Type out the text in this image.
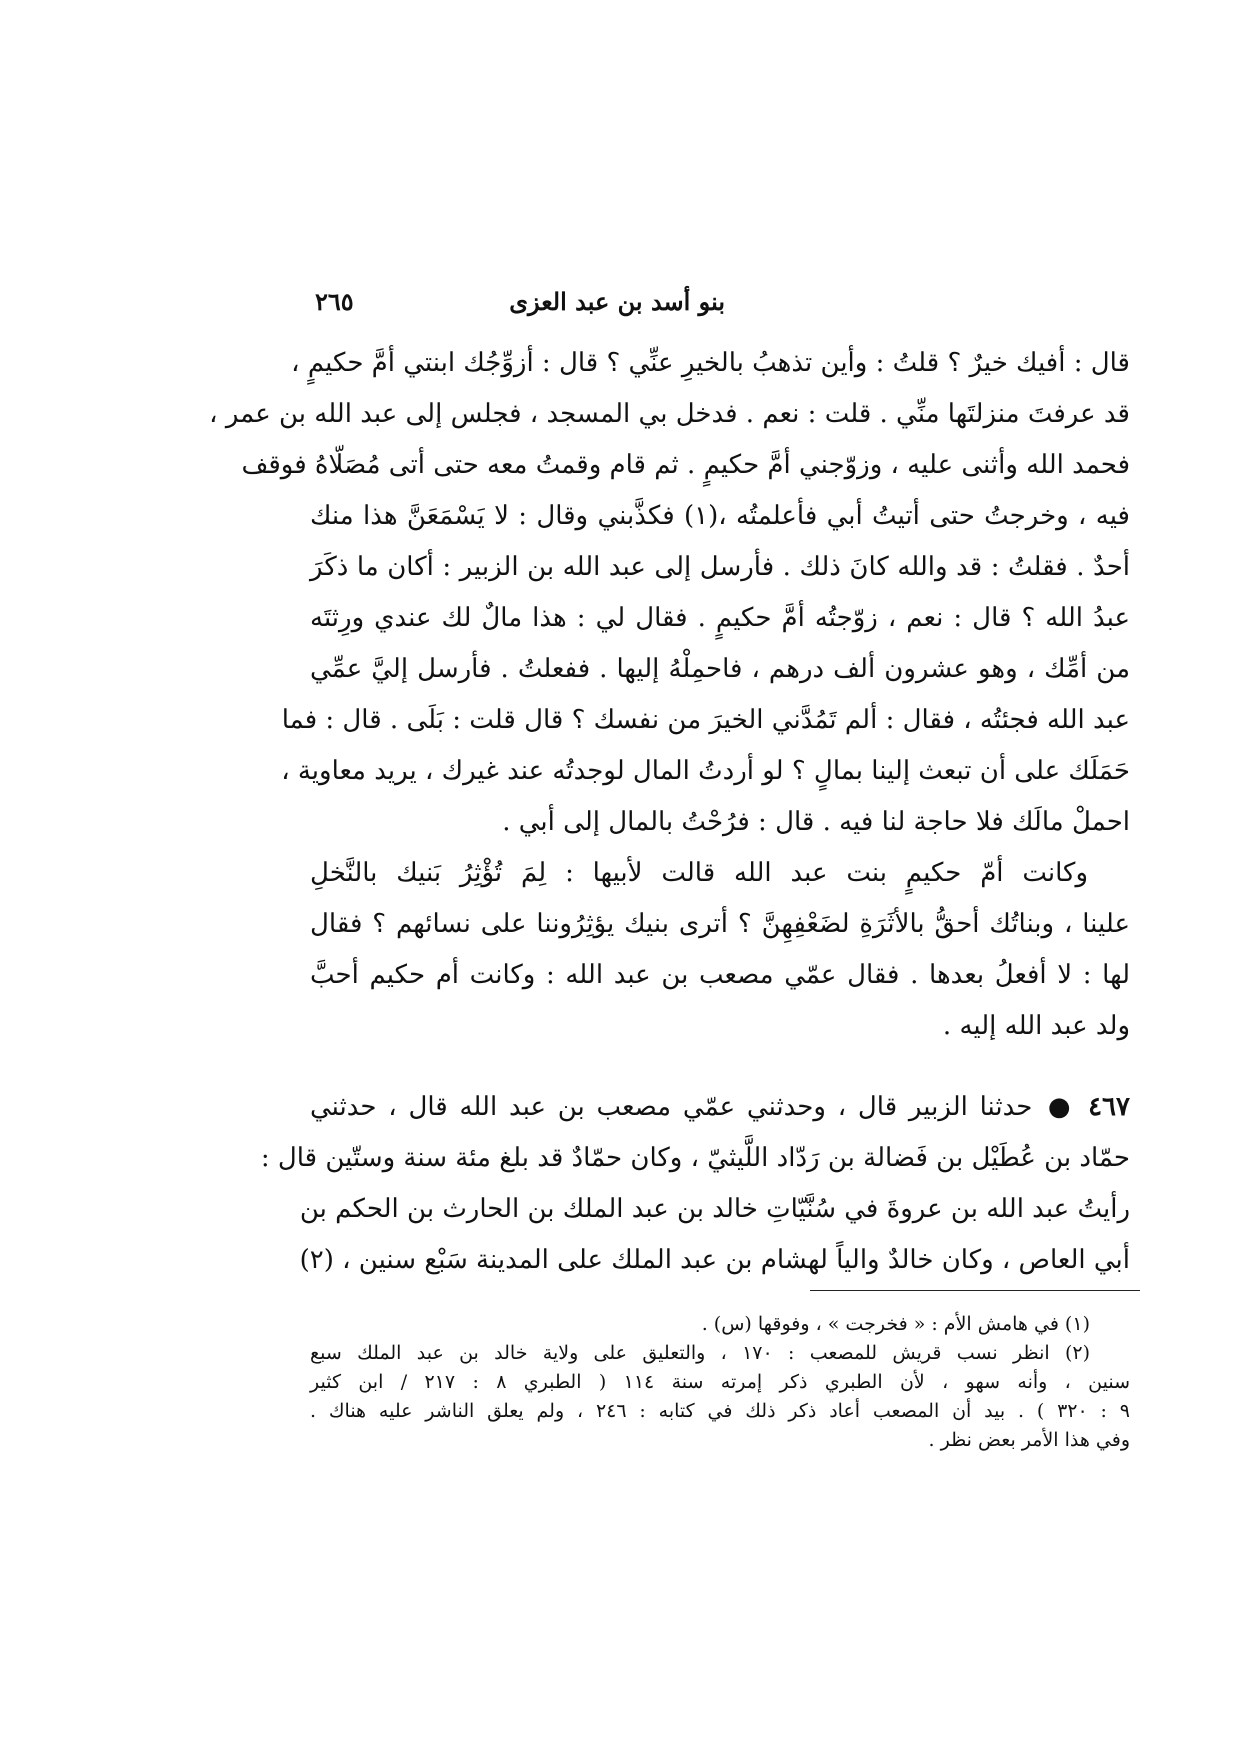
بنو أسد بن عبد العزى
٢٦٥
قال : أفيك خيرٌ ؟ قلتُ : وأين تذهبُ بالخيرِ عنِّي ؟ قال : أزوِّجُك ابنتي أمَّ حكيمٍ ،
قد عرفتَ منزلتَها منِّي . قلت : نعم . فدخل بي المسجد ، فجلس إلى عبد الله بن عمر ،
فحمد الله وأثنى عليه ، وزوّجني أمَّ حكيمٍ . ثم قام وقمتُ معه حتى أتى مُصَلّاهُ فوقف
فيه ، وخرجتُ حتى أتيتُ أبي فأعلمتُه ،(١) فكذَّبني وقال : لا يَسْمَعَنَّ هذا منك
أحدٌ . فقلتُ : قد والله كانَ ذلك . فأرسل إلى عبد الله بن الزبير : أكان ما ذكَرَ
عبدُ الله ؟ قال : نعم ، زوّجتُه أمَّ حكيمٍ . فقال لي : هذا مالٌ لك عندي ورِثتَه
من أمِّك ، وهو عشرون ألف درهم ، فاحمِلْهُ إليها . ففعلتُ . فأرسل إليَّ عمِّي
عبد الله فجئتُه ، فقال : ألم تَمُدَّني الخيرَ من نفسك ؟ قال قلت : بَلَى . قال : فما
حَمَلَك على أن تبعث إلينا بمالٍ ؟ لو أردتُ المال لوجدتُه عند غيرك ، يريد معاوية ،
احملْ مالَك فلا حاجة لنا فيه . قال : فرُحْتُ بالمال إلى أبي .
وكانت أمّ حكيمٍ بنت عبد الله قالت لأبيها : لِمَ تُؤْثِرُ بَنيك بالنَّخلِ
علينا ، وبناتُك أحقُّ بالأثَرَةِ لضَعْفِهِنَّ ؟ أترى بنيك يؤثِرُوننا على نسائهم ؟ فقال
لها : لا أفعلُ بعدها . فقال عمّي مصعب بن عبد الله : وكانت أم حكيم أحبَّ
ولد عبد الله إليه .
٤٦٧●حدثنا الزبير قال ، وحدثني عمّي مصعب بن عبد الله قال ، حدثني
حمّاد بن عُطَيْل بن فَضالة بن رَدّاد اللَّيثيّ ، وكان حمّادٌ قد بلغ مئة سنة وستّين قال :
رأيتُ عبد الله بن عروةَ في سُنَّيّاتِ خالد بن عبد الملك بن الحارث بن الحكم بن
أبي العاص ، وكان خالدٌ والياً لهشام بن عبد الملك على المدينة سَبْع سنين ، (٢)
(١) في هامش الأم : « فخرجت » ، وفوقها (س) .
(٢) انظر نسب قريش للمصعب : ١٧٠ ، والتعليق على ولاية خالد بن عبد الملك سبع
سنين ، وأنه سهو ، لأن الطبري ذكر إمرته سنة ١١٤ ( الطبري ٨ : ٢١٧ / ابن كثير
٩ : ٣٢٠ ) . بيد أن المصعب أعاد ذكر ذلك في كتابه : ٢٤٦ ، ولم يعلق الناشر عليه هناك .
وفي هذا الأمر بعض نظر .
